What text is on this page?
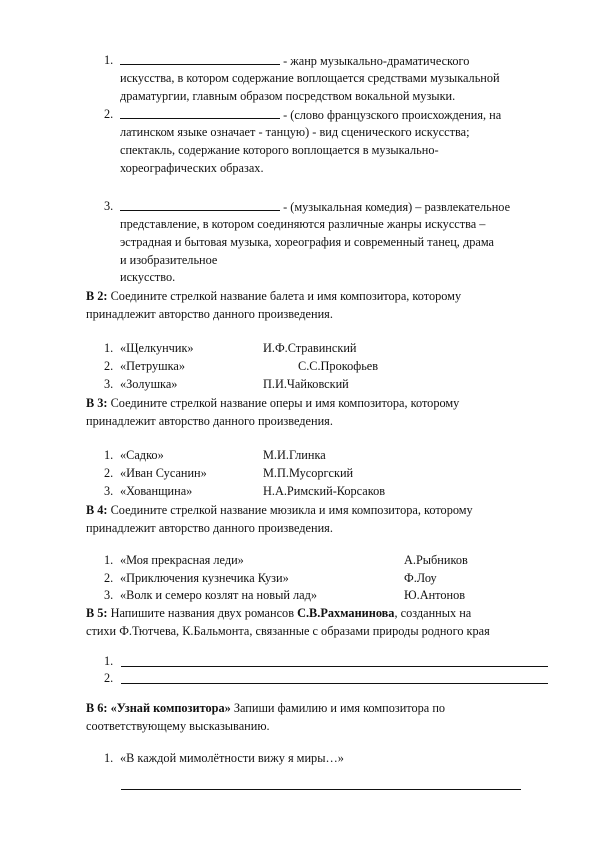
1.	- жанр музыкально-драматического
искусства, в котором содержание воплощается средствами музыкальной
драматургии, главным образом посредством вокальной музыки.
2.	- (слово французского происхождения, на
латинском языке означает - танцую) - вид сценического искусства;
спектакль, содержание которого воплощается в музыкально-
хореографических образах.
3.	- (музыкальная комедия) – развлекательное
представление, в котором соединяются различные жанры искусства –
эстрадная и бытовая музыка, хореография и современный танец, драма
и изобразительное
искусство.
В 2: Соедините стрелкой название балета и имя композитора, которому
принадлежит авторство данного произведения.
1. «Щелкунчик»	И.Ф.Стравинский
2. «Петрушка»	С.С.Прокофьев
3. «Золушка»	П.И.Чайковский
В 3: Соедините стрелкой название оперы и имя композитора, которому
принадлежит авторство данного произведения.
1. «Садко»	М.И.Глинка
2. «Иван Сусанин»	М.П.Мусоргский
3. «Хованщина»	Н.А.Римский-Корсаков
В 4: Соедините стрелкой название мюзикла и имя композитора, которому
принадлежит авторство данного произведения.
1. «Моя прекрасная леди»	А.Рыбников
2. «Приключения кузнечика Кузи»	Ф.Лоу
3. «Волк и семеро козлят на новый лад»	Ю.Антонов
В 5: Напишите названия двух романсов С.В.Рахманинова, созданных на
стихи Ф.Тютчева, К.Бальмонта, связанные с образами природы родного края
1.
2.
В 6: «Узнай композитора» Запиши фамилию и имя композитора по
соответствующему высказыванию.
1. «В каждой мимолётности вижу я миры…»
